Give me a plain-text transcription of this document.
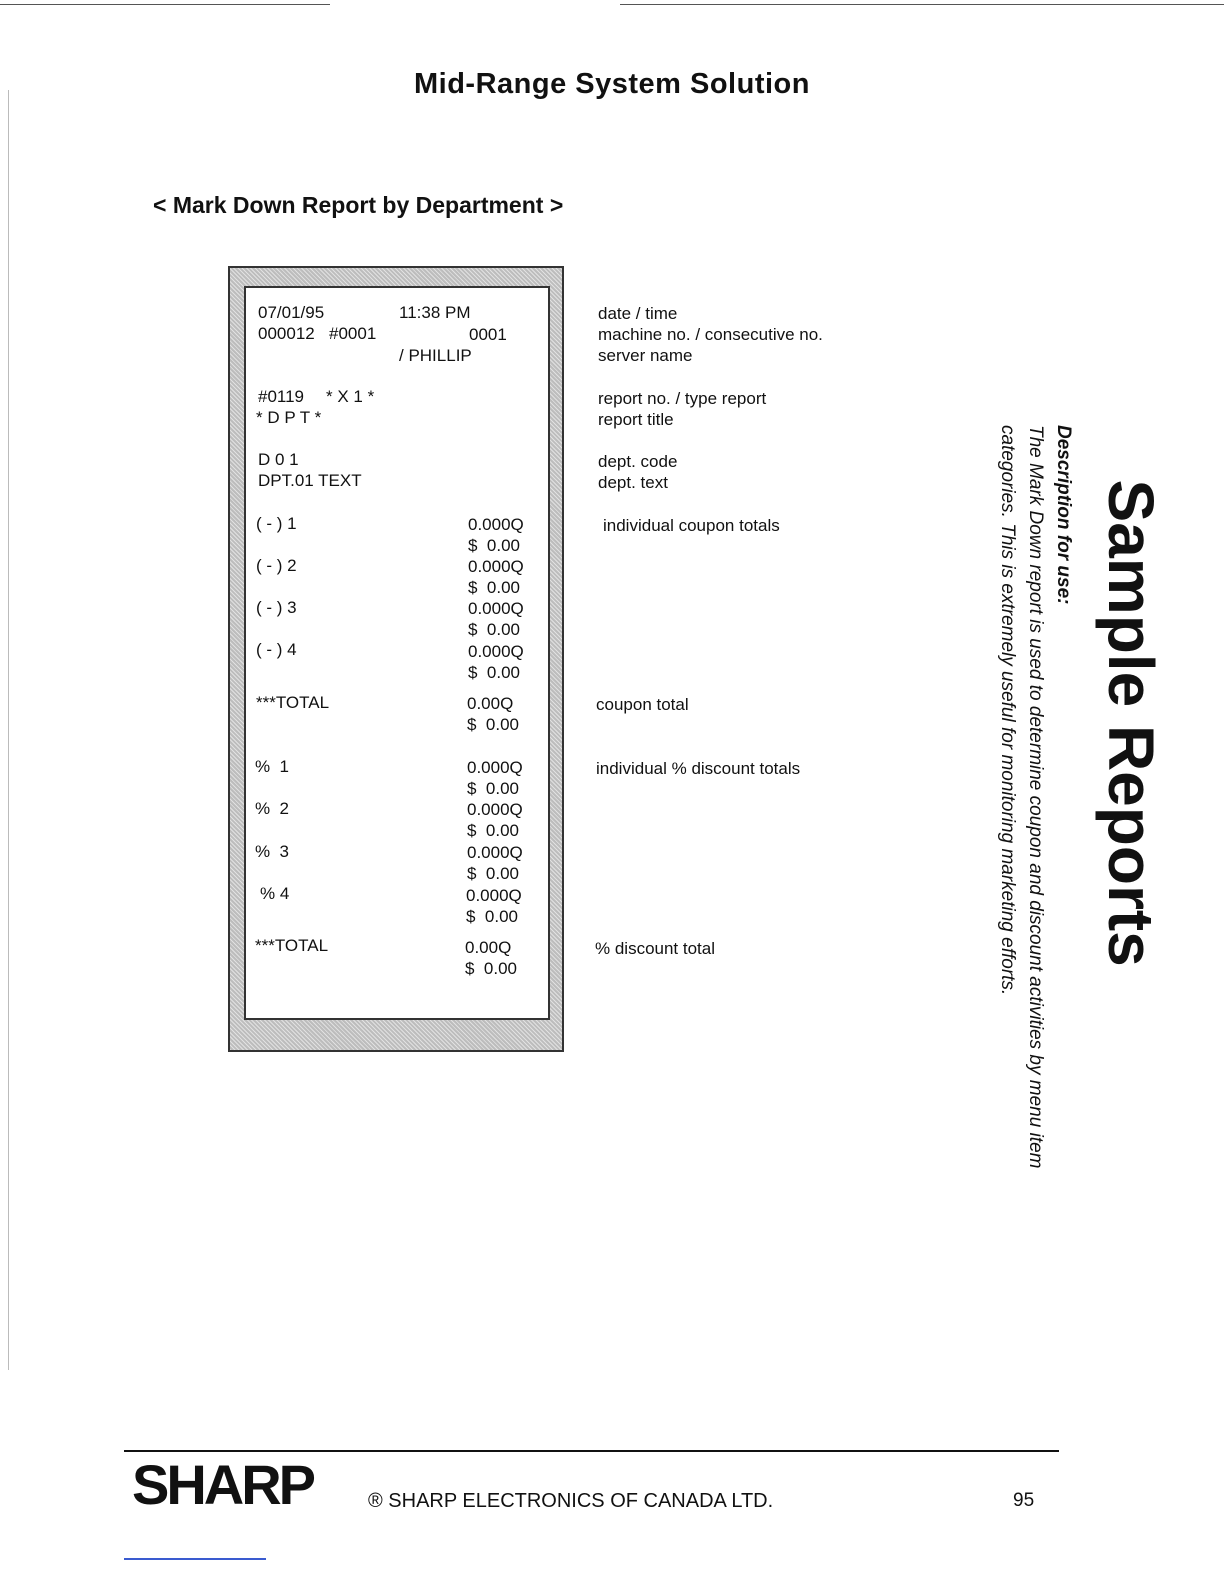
Mid-Range System Solution
< Mark Down Report by Department >
07/01/95	11:38 PM
000012 #0001	0001
/ PHILLIP
#0119 * X 1 *
* D P T *
D 0 1
DPT.01 TEXT
( - ) 1	0.000Q
$  0.00
( - ) 2	0.000Q
$  0.00
( - ) 3	0.000Q
$  0.00
( - ) 4	0.000Q
$  0.00
***TOTAL	0.00Q
$  0.00
%  1	0.000Q
$  0.00
%  2	0.000Q
$  0.00
%  3	0.000Q
$  0.00
% 4	0.000Q
$  0.00
***TOTAL	0.00Q
$  0.00
date / time
machine no. / consecutive no.
server name
report no. / type report
report title
dept. code
dept. text
individual coupon totals
coupon total
individual % discount totals
% discount total	Sample Reports
Description for use:
The Mark Down report is used to determine coupon and discount activities by menu item categories. This is extremely useful for monitoring marketing efforts.
SHARP	® SHARP ELECTRONICS OF CANADA LTD.	95
